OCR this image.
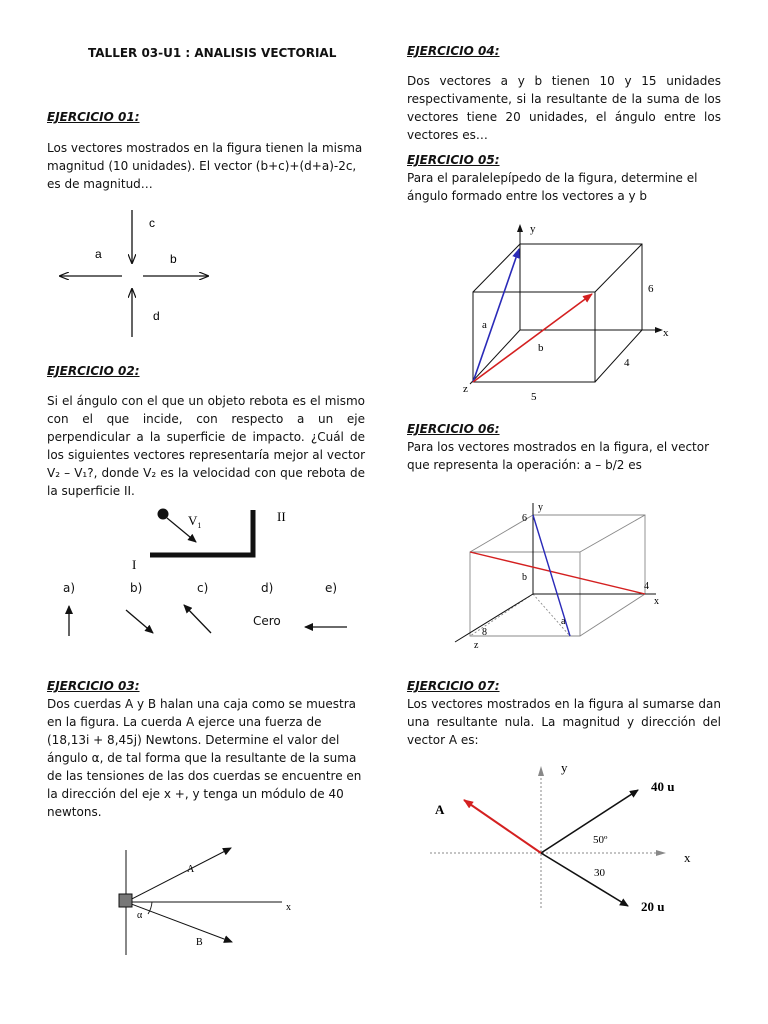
TALLER 03-U1 : ANALISIS VECTORIAL
EJERCICIO 01:
Los vectores mostrados en la figura tienen la misma magnitud (10 unidades). El vector (b+c)+(d+a)-2c, es de magnitud…
c
a	b
d
EJERCICIO 02:
Si el ángulo con el que un objeto rebota es el mismo con el que incide, con respecto a un eje perpendicular a la superficie de impacto. ¿Cuál de los siguientes vectores representaría mejor al vector V₂ – V₁?, donde V₂ es la velocidad con que rebota de la superficie II.
$V_1$
II
I
a)	b)	c)	d)	e)
Cero
EJERCICIO 03:
Dos cuerdas A y B halan una caja como se muestra en la figura. La cuerda A ejerce una fuerza de (18,13i + 8,45j) Newtons. Determine el valor del ángulo α, de tal forma que la resultante de la suma de las tensiones de las dos cuerdas se encuentre en la dirección del eje x +, y tenga un módulo de 40 newtons.
A
x
α
B
EJERCICIO 04:
Dos vectores a y b tienen 10 y 15 unidades respectivamente, si la resultante de la suma de los vectores tiene 20 unidades, el ángulo entre los vectores es…
EJERCICIO 05:
Para el paralelepípedo de la figura, determine el ángulo formado entre los vectores a y b
y
6
x
a
b
4
z
5
EJERCICIO 06:
Para los vectores mostrados en la figura, el vector que representa la operación: a – b/2 es
y
6
b
4
x
a
8
z
EJERCICIO 07:
Los vectores mostrados en la figura al sumarse dan una resultante nula. La magnitud y dirección del vector A es:
y
40 u
A
50º
x
30
20 u
